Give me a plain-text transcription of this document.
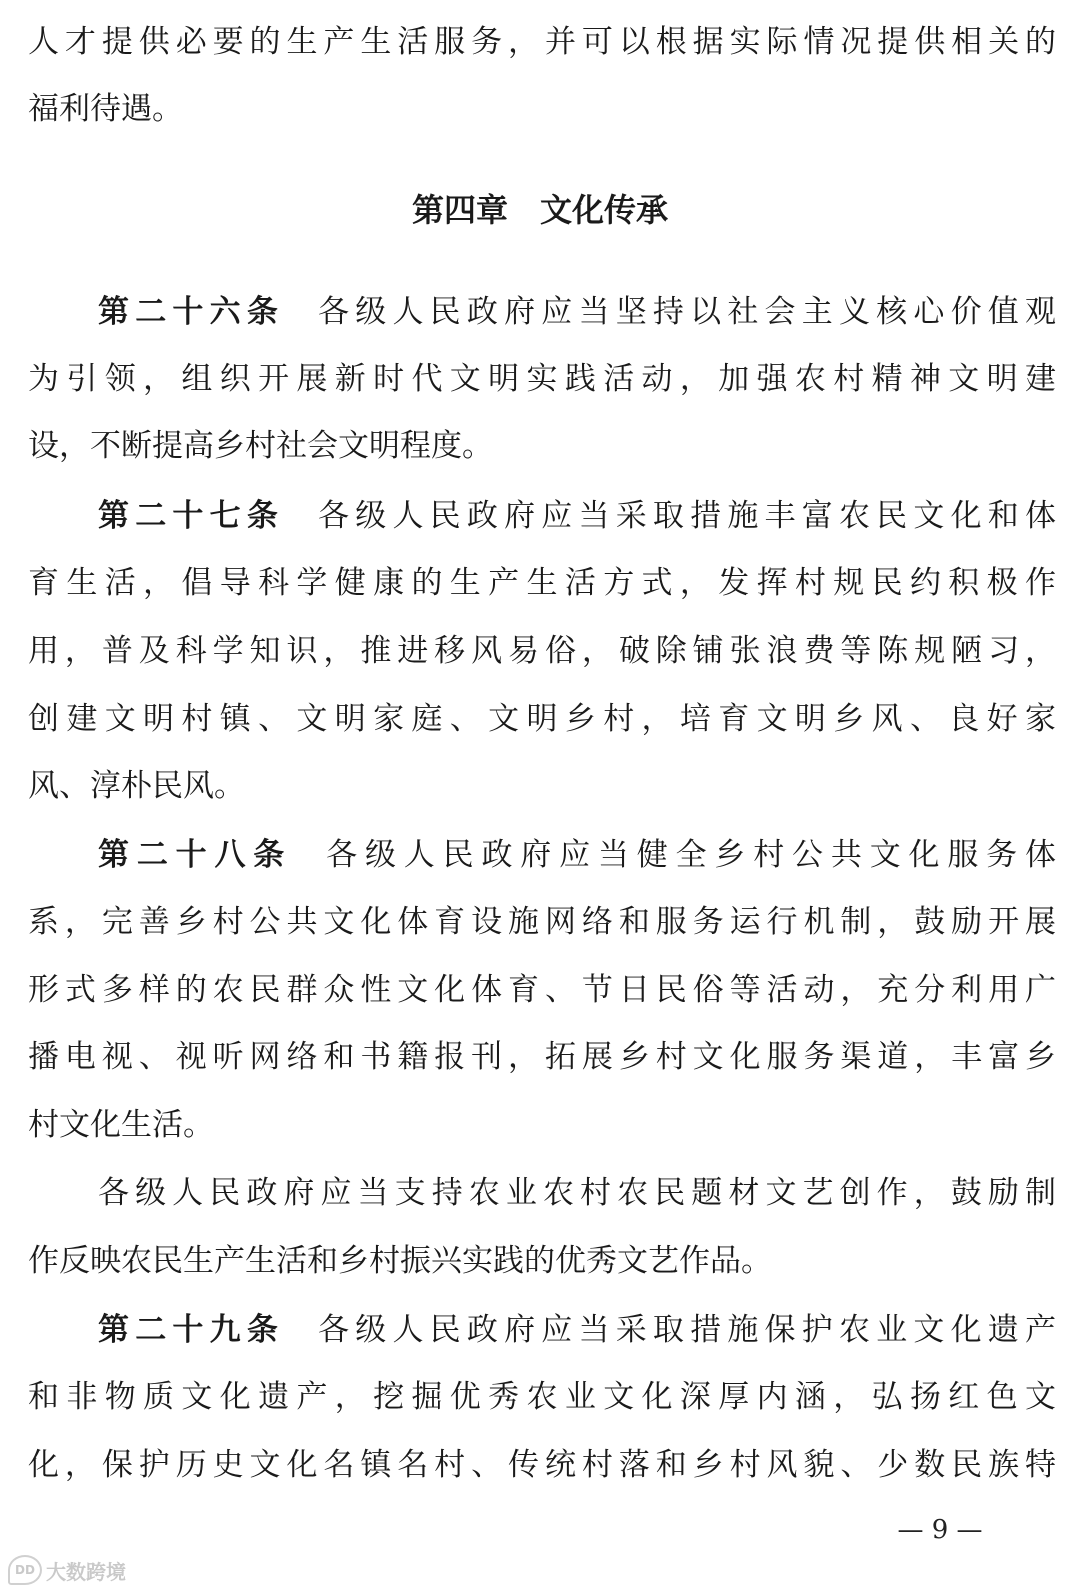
人才提供必要的生产生活服务，并可以根据实际情况提供相关的
福利待遇。
第四章　文化传承
第二十六条 各级人民政府应当坚持以社会主义核心价值观
为引领，组织开展新时代文明实践活动，加强农村精神文明建
设，不断提高乡村社会文明程度。
第二十七条 各级人民政府应当采取措施丰富农民文化和体
育生活，倡导科学健康的生产生活方式，发挥村规民约积极作
用，普及科学知识，推进移风易俗，破除铺张浪费等陈规陋习，
创建文明村镇、文明家庭、文明乡村，培育文明乡风、良好家
风、淳朴民风。
第二十八条 各级人民政府应当健全乡村公共文化服务体
系，完善乡村公共文化体育设施网络和服务运行机制，鼓励开展
形式多样的农民群众性文化体育、节日民俗等活动，充分利用广
播电视、视听网络和书籍报刊，拓展乡村文化服务渠道，丰富乡
村文化生活。
各级人民政府应当支持农业农村农民题材文艺创作，鼓励制
作反映农民生产生活和乡村振兴实践的优秀文艺作品。
第二十九条 各级人民政府应当采取措施保护农业文化遗产
和非物质文化遗产，挖掘优秀农业文化深厚内涵，弘扬红色文
化，保护历史文化名镇名村、传统村落和乡村风貌、少数民族特
— 9 —
DD 大数跨境
